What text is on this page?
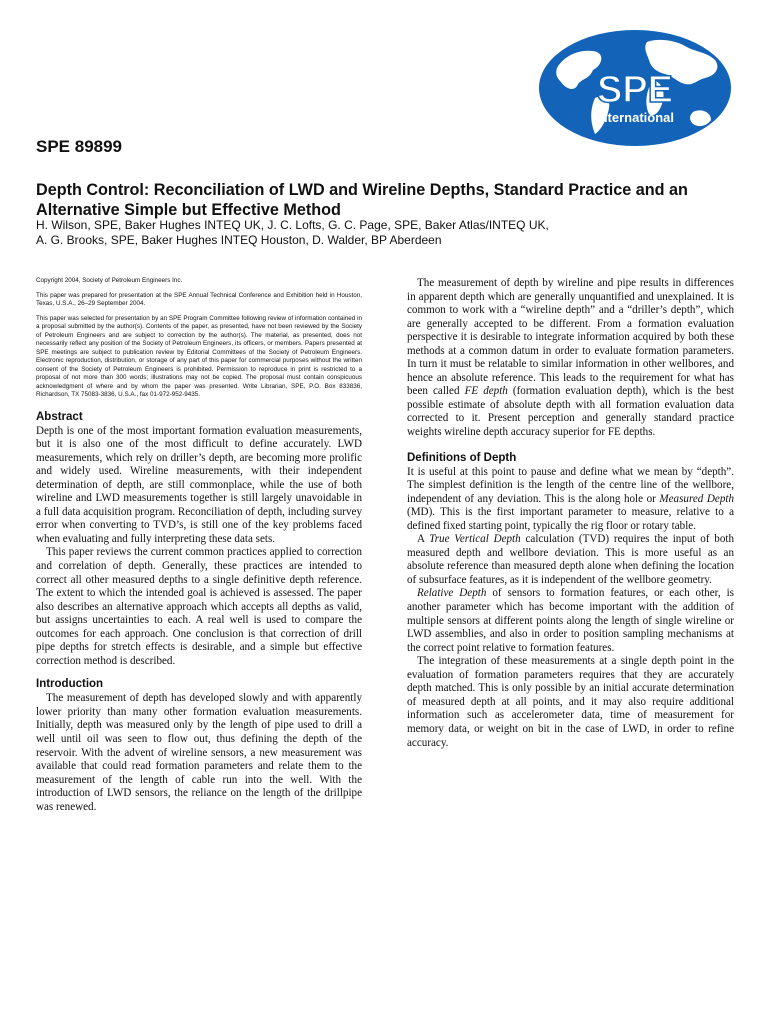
SPE
International
SPE 89899
Depth Control: Reconciliation of LWD and Wireline Depths, Standard Practice and an Alternative Simple but Effective Method
H. Wilson, SPE, Baker Hughes INTEQ UK, J. C. Lofts, G. C. Page, SPE, Baker Atlas/INTEQ UK,
A. G. Brooks, SPE, Baker Hughes INTEQ Houston, D. Walder, BP Aberdeen

Copyright 2004, Society of Petroleum Engineers Inc.

This paper was prepared for presentation at the SPE Annual Technical Conference and Exhibition held in Houston, Texas, U.S.A., 26–29 September 2004.

This paper was selected for presentation by an SPE Program Committee following review of information contained in a proposal submitted by the author(s). Contents of the paper, as presented, have not been reviewed by the Society of Petroleum Engineers and are subject to correction by the author(s). The material, as presented, does not necessarily reflect any position of the Society of Petroleum Engineers, its officers, or members. Papers presented at SPE meetings are subject to publication review by Editorial Committees of the Society of Petroleum Engineers. Electronic reproduction, distribution, or storage of any part of this paper for commercial purposes without the written consent of the Society of Petroleum Engineers is prohibited. Permission to reproduce in print is restricted to a proposal of not more than 300 words; illustrations may not be copied. The proposal must contain conspicuous acknowledgment of where and by whom the paper was presented. Write Librarian, SPE, P.O. Box 833836, Richardson, TX 75083-3836, U.S.A., fax 01-972-952-9435.

Abstract

Depth is one of the most important formation evaluation measurements, but it is also one of the most difficult to define accurately. LWD measurements, which rely on driller’s depth, are becoming more prolific and widely used. Wireline measurements, with their independent determination of depth, are still commonplace, while the use of both wireline and LWD measurements together is still largely unavoidable in a full data acquisition program. Reconciliation of depth, including survey error when converting to TVD’s, is still one of the key problems faced when evaluating and fully interpreting these data sets.

This paper reviews the current common practices applied to correction and correlation of depth. Generally, these practices are intended to correct all other measured depths to a single definitive depth reference. The extent to which the intended goal is achieved is assessed. The paper also describes an alternative approach which accepts all depths as valid, but assigns uncertainties to each. A real well is used to compare the outcomes for each approach. One conclusion is that correction of drill pipe depths for stretch effects is desirable, and a simple but effective correction method is described.

Introduction

The measurement of depth has developed slowly and with apparently lower priority than many other formation evaluation measurements. Initially, depth was measured only by the length of pipe used to drill a well until oil was seen to flow out, thus defining the depth of the reservoir. With the advent of wireline sensors, a new measurement was available that could read formation parameters and relate them to the measurement of the length of cable run into the well. With the introduction of LWD sensors, the reliance on the length of the drillpipe was renewed.

The measurement of depth by wireline and pipe results in differences in apparent depth which are generally unquantified and unexplained. It is common to work with a “wireline depth” and a “driller’s depth”, which are generally accepted to be different. From a formation evaluation perspective it is desirable to integrate information acquired by both these methods at a common datum in order to evaluate formation parameters. In turn it must be relatable to similar information in other wellbores, and hence an absolute reference. This leads to the requirement for what has been called FE depth (formation evaluation depth), which is the best possible estimate of absolute depth with all formation evaluation data corrected to it. Present perception and generally standard practice weights wireline depth accuracy superior for FE depths.

Definitions of Depth

It is useful at this point to pause and define what we mean by “depth”. The simplest definition is the length of the centre line of the wellbore, independent of any deviation. This is the along hole or Measured Depth (MD). This is the first important parameter to measure, relative to a defined fixed starting point, typically the rig floor or rotary table.

A True Vertical Depth calculation (TVD) requires the input of both measured depth and wellbore deviation. This is more useful as an absolute reference than measured depth alone when defining the location of subsurface features, as it is independent of the wellbore geometry.

Relative Depth of sensors to formation features, or each other, is another parameter which has become important with the addition of multiple sensors at different points along the length of single wireline or LWD assemblies, and also in order to position sampling mechanisms at the correct point relative to formation features.

The integration of these measurements at a single depth point in the evaluation of formation parameters requires that they are accurately depth matched. This is only possible by an initial accurate determination of measured depth at all points, and it may also require additional information such as accelerometer data, time of measurement for memory data, or weight on bit in the case of LWD, in order to refine accuracy.
